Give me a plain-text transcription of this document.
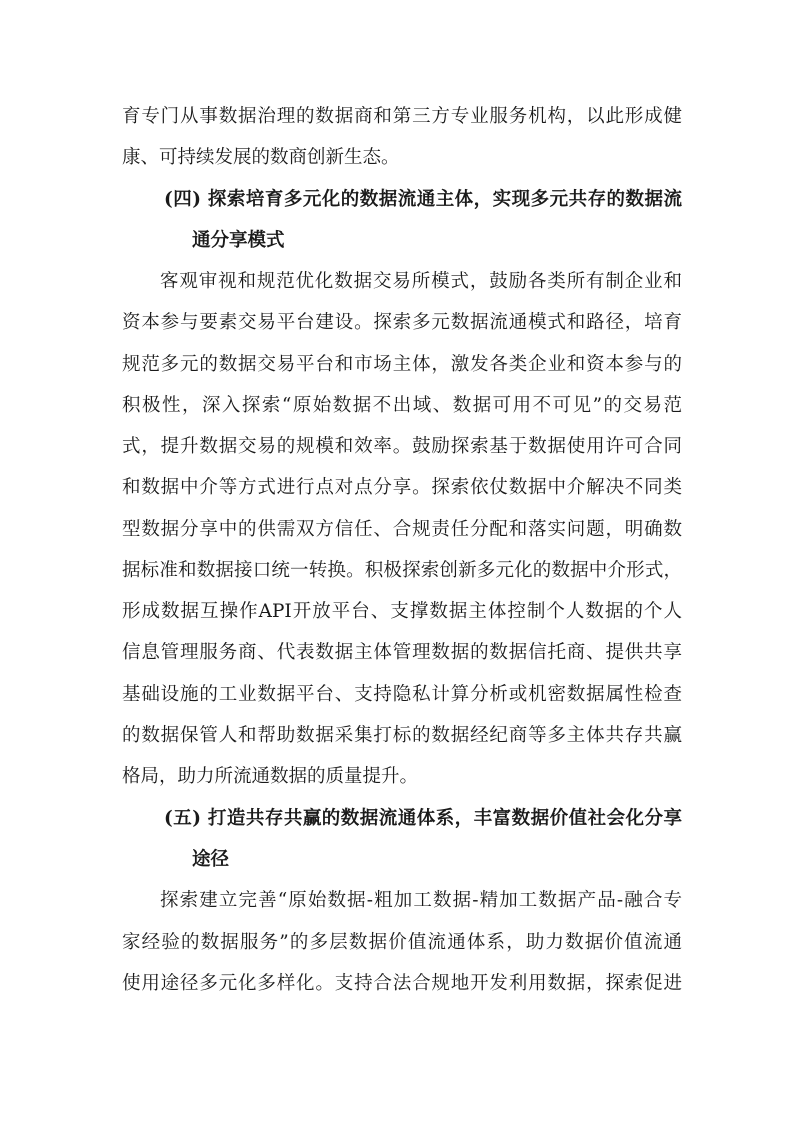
育专门从事数据治理的数据商和第三方专业服务机构，以此形成健
康、可持续发展的数商创新生态。
(四) 探索培育多元化的数据流通主体，实现多元共存的数据流
通分享模式
客观审视和规范优化数据交易所模式，鼓励各类所有制企业和
资本参与要素交易平台建设。探索多元数据流通模式和路径，培育
规范多元的数据交易平台和市场主体，激发各类企业和资本参与的
积极性，深入探索“原始数据不出域、数据可用不可见”的交易范
式，提升数据交易的规模和效率。鼓励探索基于数据使用许可合同
和数据中介等方式进行点对点分享。探索依仗数据中介解决不同类
型数据分享中的供需双方信任、合规责任分配和落实问题，明确数
据标准和数据接口统一转换。积极探索创新多元化的数据中介形式，
形成数据互操作API开放平台、支撑数据主体控制个人数据的个人
信息管理服务商、代表数据主体管理数据的数据信托商、提供共享
基础设施的工业数据平台、支持隐私计算分析或机密数据属性检查
的数据保管人和帮助数据采集打标的数据经纪商等多主体共存共赢
格局，助力所流通数据的质量提升。
(五) 打造共存共赢的数据流通体系，丰富数据价值社会化分享
途径
探索建立完善“原始数据-粗加工数据-精加工数据产品-融合专
家经验的数据服务”的多层数据价值流通体系，助力数据价值流通
使用途径多元化多样化。支持合法合规地开发利用数据，探索促进
